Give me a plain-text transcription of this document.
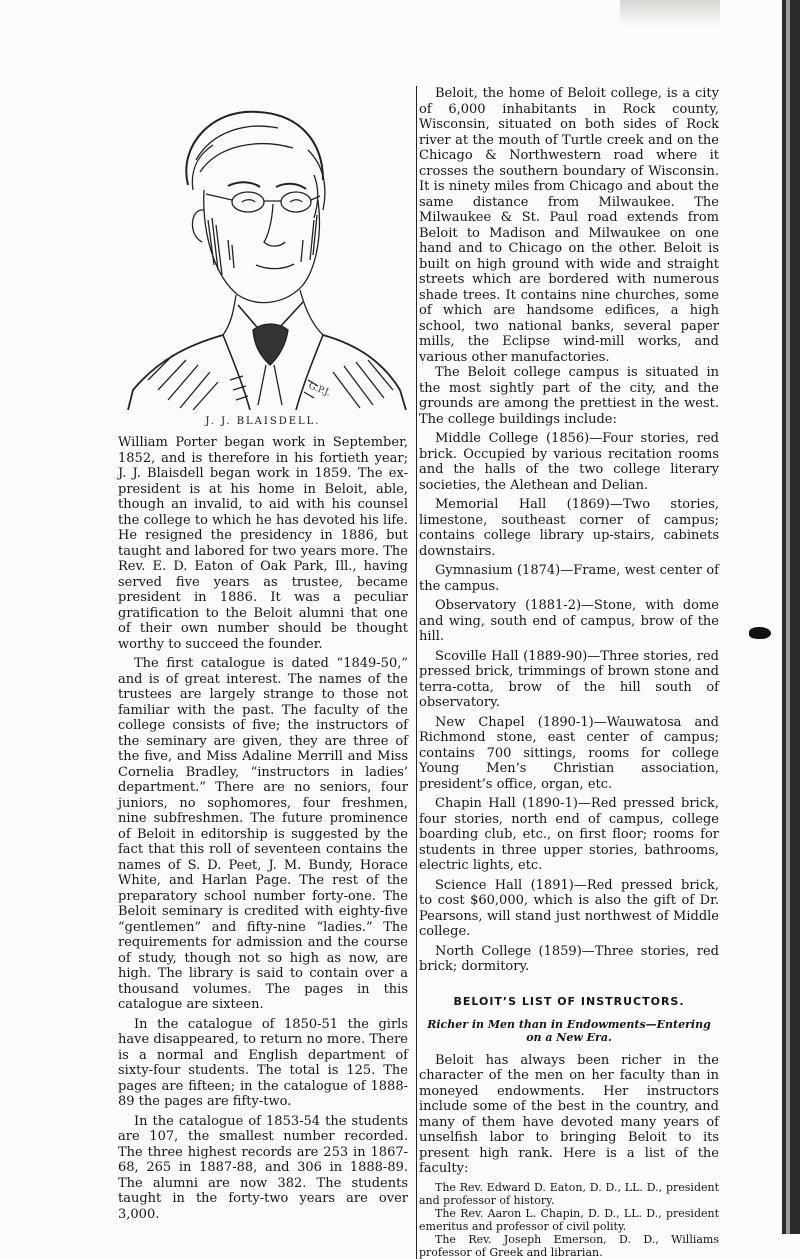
G.P.J.
J. J. BLAISDELL.

William Porter began work in September, 1852, and is therefore in his fortieth year; J. J. Blaisdell began work in 1859. The ex-president is at his home in Beloit, able, though an invalid, to aid with his counsel the college to which he has devoted his life. He resigned the presidency in 1886, but taught and labored for two years more. The Rev. E. D. Eaton of Oak Park, Ill., having served five years as trustee, became president in 1886. It was a peculiar gratification to the Beloit alumni that one of their own number should be thought worthy to succeed the founder.

The first catalogue is dated “1849-50,” and is of great interest. The names of the trustees are largely strange to those not familiar with the past. The faculty of the college consists of five; the instructors of the seminary are given, they are three of the five, and Miss Adaline Merrill and Miss Cornelia Bradley, “instructors in ladies’ department.” There are no seniors, four juniors, no sophomores, four freshmen, nine subfreshmen. The future prominence of Beloit in editorship is suggested by the fact that this roll of seventeen contains the names of S. D. Peet, J. M. Bundy, Horace White, and Harlan Page. The rest of the preparatory school number forty-one. The Beloit seminary is credited with eighty-five “gentlemen” and fifty-nine “ladies.” The requirements for admission and the course of study, though not so high as now, are high. The library is said to contain over a thousand volumes. The pages in this catalogue are sixteen.

In the catalogue of 1850-51 the girls have disappeared, to return no more. There is a normal and English department of sixty-four students. The total is 125. The pages are fifteen; in the catalogue of 1888-89 the pages are fifty-two.

In the catalogue of 1853-54 the students are 107, the smallest number recorded. The three highest records are 253 in 1867-68, 265 in 1887-88, and 306 in 1888-89. The alumni are now 382. The students taught in the forty-two years are over 3,000.

Beloit, the home of Beloit college, is a city of 6,000 inhabitants in Rock county, Wisconsin, situated on both sides of Rock river at the mouth of Turtle creek and on the Chicago & Northwestern road where it crosses the southern boundary of Wisconsin. It is ninety miles from Chicago and about the same distance from Milwaukee. The Milwaukee & St. Paul road extends from Beloit to Madison and Milwaukee on one hand and to Chicago on the other. Beloit is built on high ground with wide and straight streets which are bordered with numerous shade trees. It contains nine churches, some of which are handsome edifices, a high school, two national banks, several paper mills, the Eclipse wind-mill works, and various other manufactories.

The Beloit college campus is situated in the most sightly part of the city, and the grounds are among the prettiest in the west. The college buildings include:

Middle College (1856)—Four stories, red brick. Occupied by various recitation rooms and the halls of the two college literary societies, the Alethean and Delian.

Memorial Hall (1869)—Two stories, limestone, southeast corner of campus; contains college library up-stairs, cabinets downstairs.

Gymnasium (1874)—Frame, west center of the campus.

Observatory (1881-2)—Stone, with dome and wing, south end of campus, brow of the hill.

Scoville Hall (1889-90)—Three stories, red pressed brick, trimmings of brown stone and terra-cotta, brow of the hill south of observatory.

New Chapel (1890-1)—Wauwatosa and Richmond stone, east center of campus; contains 700 sittings, rooms for college Young Men’s Christian association, president’s office, organ, etc.

Chapin Hall (1890-1)—Red pressed brick, four stories, north end of campus, college boarding club, etc., on first floor; rooms for students in three upper stories, bathrooms, electric lights, etc.

Science Hall (1891)—Red pressed brick, to cost $60,000, which is also the gift of Dr. Pearsons, will stand just northwest of Middle college.

North College (1859)—Three stories, red brick; dormitory.

BELOIT’S LIST OF INSTRUCTORS.
Richer in Men than in Endowments—Entering on a New Era.

Beloit has always been richer in the character of the men on her faculty than in moneyed endowments. Her instructors include some of the best in the country, and many of them have devoted many years of unselfish labor to bringing Beloit to its present high rank. Here is a list of the faculty:

The Rev. Edward D. Eaton, D. D., LL. D., president and professor of history.

The Rev. Aaron L. Chapin, D. D., LL. D., president emeritus and professor of civil polity.

The Rev. Joseph Emerson, D. D., Williams professor of Greek and librarian.
